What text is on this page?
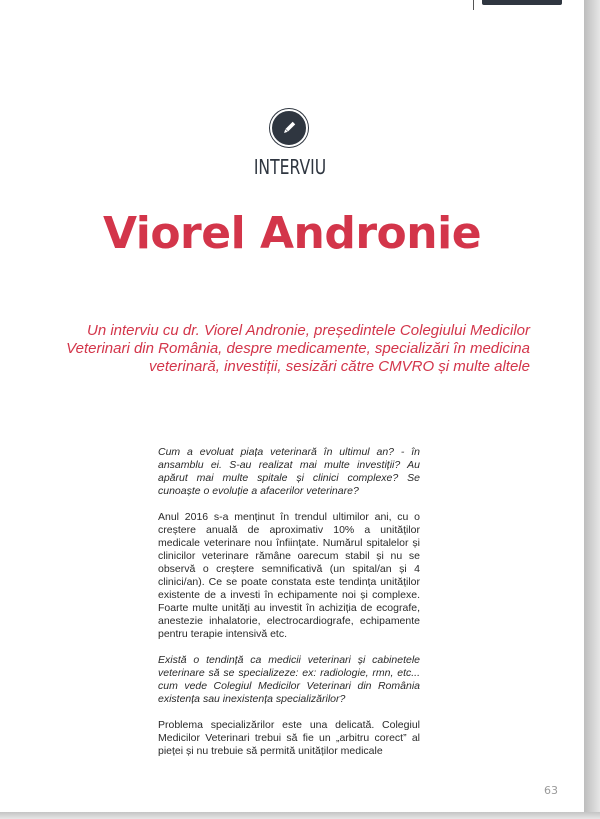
INTERVIU
Viorel Andronie
Un interviu cu dr. Viorel Andronie, președintele Colegiului Medicilor Veterinari din România, despre medicamente, specializări în medicina veterinară, investiții, sesizări către CMVRO și multe altele

Cum a evoluat piața veterinară în ultimul an? - în ansamblu ei. S-au realizat mai multe investiții? Au apărut mai multe spitale și clinici complexe? Se cunoaște o evoluție a afacerilor veterinare?

Anul 2016 s-a menținut în trendul ultimilor ani, cu o creștere anuală de aproximativ 10% a unităților medicale veterinare nou înființate. Numărul spitalelor și clinicilor veterinare rămâne oarecum stabil și nu se observă o creștere semnificativă (un spital/an și 4 clinici/an). Ce se poate constata este tendința unităților existente de a investi în echipamente noi și complexe. Foarte multe unități au investit în achiziția de ecografe, anestezie inhalatorie, electrocardiografe, echipamente pentru terapie intensivă etc.

Există o tendință ca medicii veterinari și cabinetele veterinare să se specializeze: ex: radiologie, rmn, etc... cum vede Colegiul Medicilor Veterinari din România existența sau inexistența specializărilor?

Problema specializărilor este una delicată. Colegiul Medicilor Veterinari trebui să fie un „arbitru corect” al pieței și nu trebuie să permită unităților medicale

63
